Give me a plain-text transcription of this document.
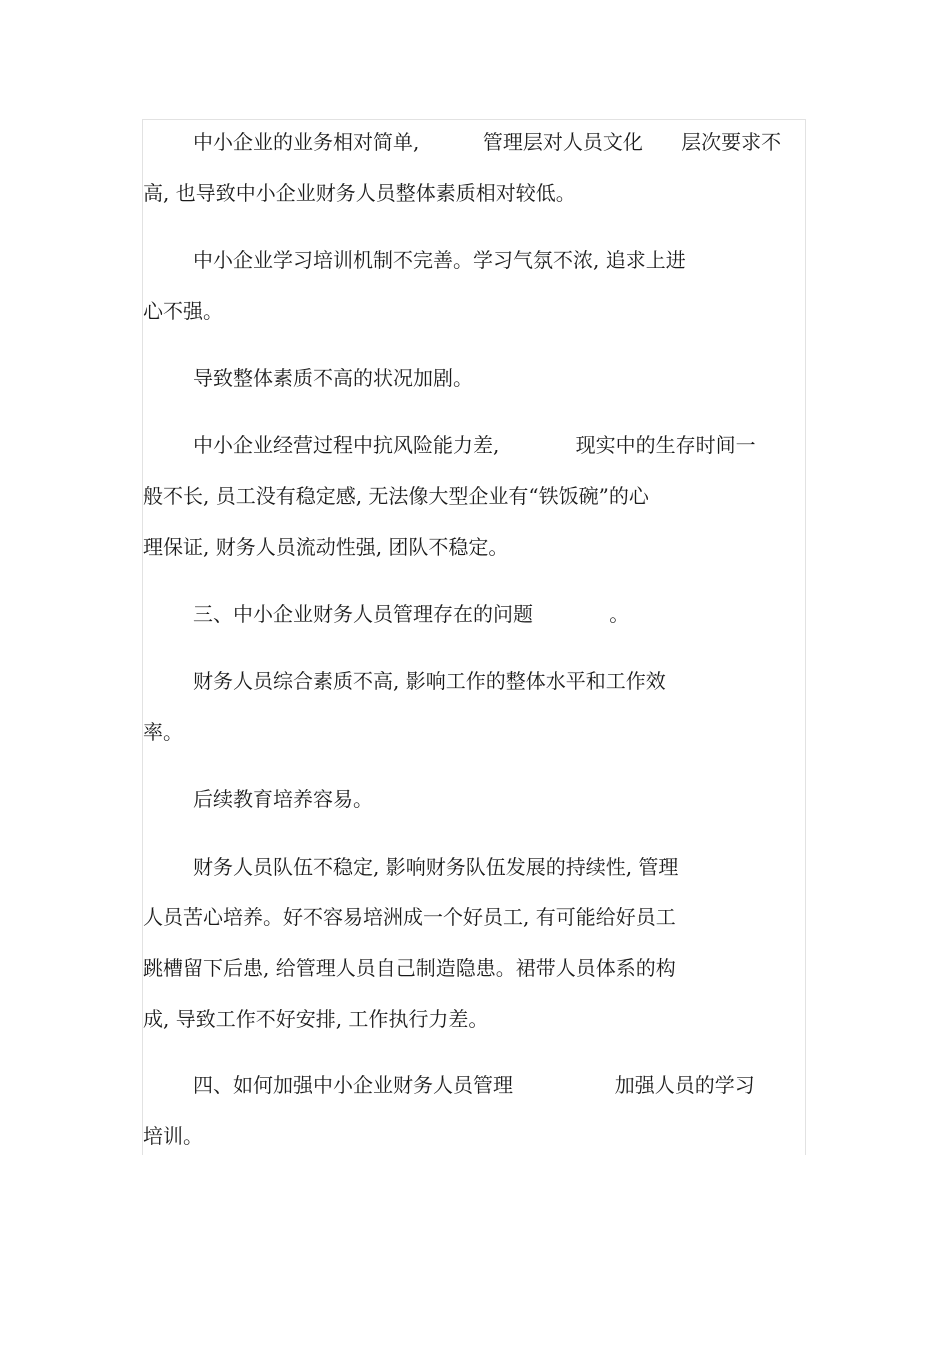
中小企业的业务相对简单,          管理层对人员文化      层次要求不
高, 也导致中小企业财务人员整体素质相对较低。
中小企业学习培训机制不完善。学习气氛不浓, 追求上进
心不强。
导致整体素质不高的状况加剧。
中小企业经营过程中抗风险能力差,            现实中的生存时间一
般不长, 员工没有稳定感, 无法像大型企业有“铁饭碗”的心
理保证, 财务人员流动性强, 团队不稳定。
三、中小企业财务人员管理存在的问题            。
财务人员综合素质不高, 影响工作的整体水平和工作效
率。
后续教育培养容易。
财务人员队伍不稳定, 影响财务队伍发展的持续性, 管理
人员苦心培养。好不容易培洲成一个好员工, 有可能给好员工
跳槽留下后患, 给管理人员自己制造隐患。裙带人员体系的构
成, 导致工作不好安排, 工作执行力差。
四、如何加强中小企业财务人员管理                加强人员的学习
培训。
